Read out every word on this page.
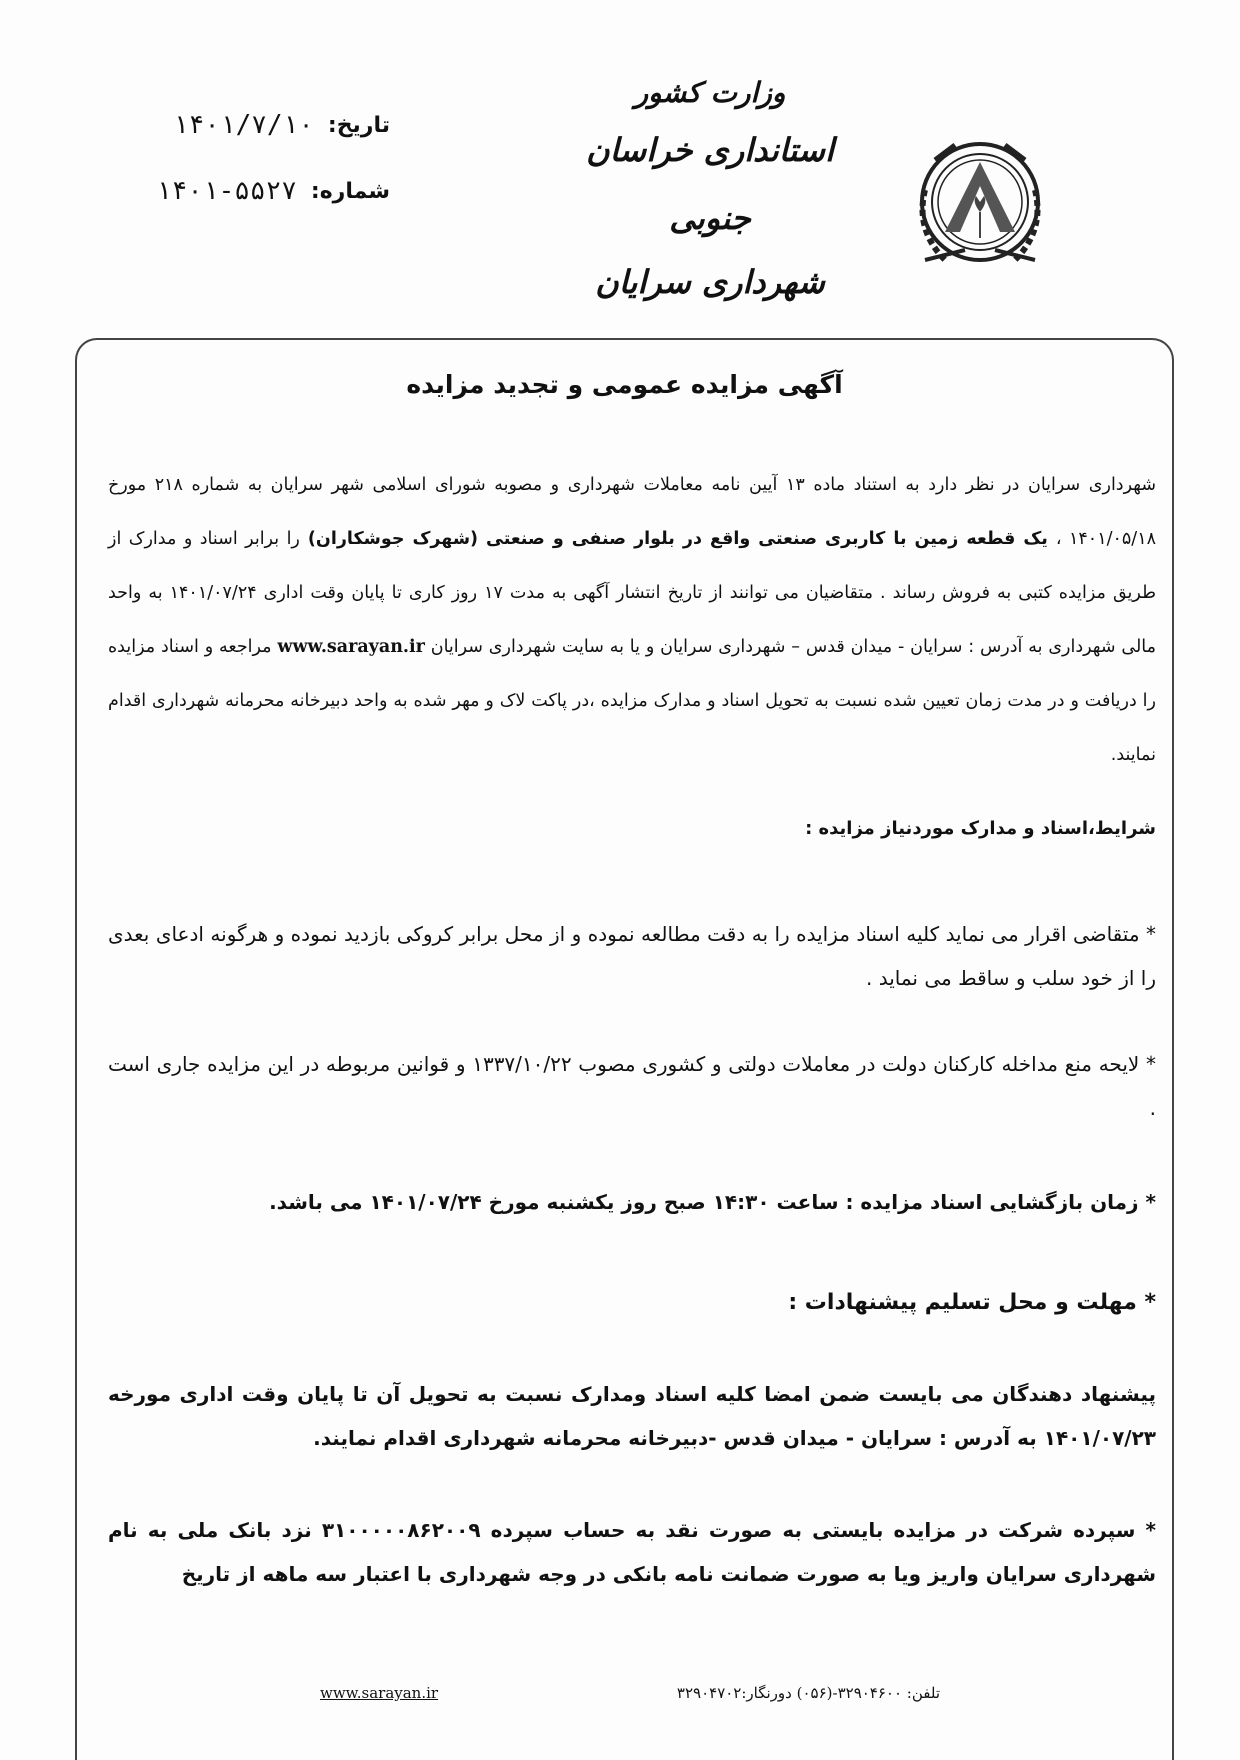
وزارت کشور
استانداری خراسان جنوبی
شهرداری سرایان
تاریخ:
۱۴۰۱/۷/۱۰
شماره:
۱۴۰۱-۵۵۲۷
آگهی مزایده عمومی و تجدید مزایده
شهرداری سرایان در نظر دارد به استناد ماده ۱۳ آیین نامه معاملات شهرداری و مصوبه شورای اسلامی شهر سرایان به شماره ۲۱۸ مورخ ۱۴۰۱/۰۵/۱۸ ، یک قطعه زمین با کاربری صنعتی واقع در بلوار صنفی و صنعتی (شهرک جوشکاران) را برابر اسناد و مدارک از طریق مزایده کتبی به فروش رساند . متقاضیان می توانند از تاریخ انتشار آگهی به مدت ۱۷ روز کاری تا پایان وقت اداری ۱۴۰۱/۰۷/۲۴ به واحد مالی شهرداری به آدرس : سرایان - میدان قدس – شهرداری سرایان و یا به سایت شهرداری سرایان www.sarayan.ir مراجعه و اسناد مزایده را دریافت و در مدت زمان تعیین شده نسبت به تحویل اسناد و مدارک مزایده ،در پاکت لاک و مهر شده به واحد دبیرخانه محرمانه شهرداری اقدام نمایند.
شرایط،اسناد و مدارک موردنیاز مزایده :
* متقاضی اقرار می نماید کلیه اسناد مزایده را به دقت مطالعه نموده و از محل برابر کروکی بازدید نموده و هرگونه ادعای بعدی را از خود سلب و ساقط می نماید .
* لایحه منع مداخله کارکنان دولت در معاملات دولتی و کشوری مصوب ۱۳۳۷/۱۰/۲۲ و قوانین مربوطه در این مزایده جاری است .
* زمان بازگشایی اسناد مزایده : ساعت ۱۴:۳۰ صبح روز یکشنبه مورخ ۱۴۰۱/۰۷/۲۴ می باشد.
* مهلت و محل تسلیم پیشنهادات :
پیشنهاد دهندگان می بایست ضمن امضا کلیه اسناد ومدارک نسبت به تحویل آن تا پایان وقت اداری مورخه ۱۴۰۱/۰۷/۲۳ به آدرس : سرایان - میدان قدس -دبیرخانه محرمانه شهرداری اقدام نمایند.
* سپرده شرکت در مزایده بایستی به صورت نقد به حساب سپرده ۳۱۰۰۰۰۰۸۶۲۰۰۹ نزد بانک ملی به نام شهرداری سرایان واریز ویا به صورت ضمانت نامه بانکی در وجه شهرداری با اعتبار سه ماهه از تاریخ
www.sarayan.ir	تلفن: ۳۲۹۰۴۶۰۰-(۰۵۶) دورنگار:۳۲۹۰۴۷۰۲
